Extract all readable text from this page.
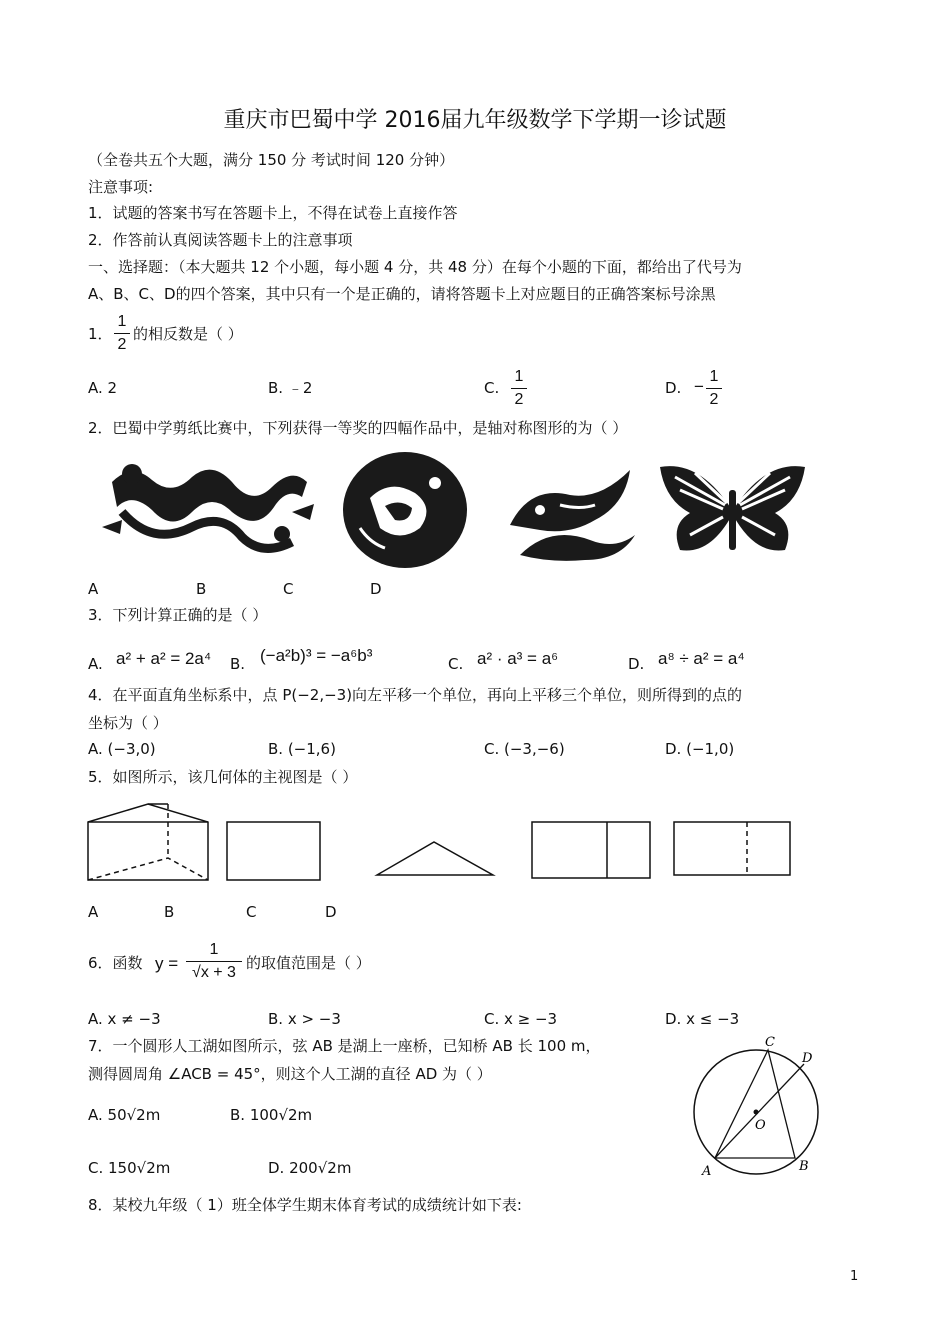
重庆市巴蜀中学 2016届九年级数学下学期一诊试题
（全卷共五个大题，满分 150 分 考试时间 120 分钟）
注意事项:
1．试题的答案书写在答题卡上，不得在试卷上直接作答
2．作答前认真阅读答题卡上的注意事项
一、选择题：（本大题共 12 个小题，每小题 4 分，共 48 分）在每个小题的下面，都给出了代号为
A、B、C、D的四个答案，其中只有一个是正确的，请将答题卡上对应题目的正确答案标号涂黑
1．
1
2
的相反数是（ ）
A. 2	B. ﹣2	C.
1
2
D. −
1
2
2．巴蜀中学剪纸比赛中，下列获得一等奖的四幅作品中，是轴对称图形的为（ ）
A	B	C	D
3．下列计算正确的是（ ）
A. a² + a² = 2a⁴ B. (−a²b)³ = −a⁶b³	C. a² · a³ = a⁶	D. a⁸ ÷ a² = a⁴
4．在平面直角坐标系中，点 P(−2,−3)向左平移一个单位，再向上平移三个单位，则所得到的点的
坐标为（ ）
A. (−3,0)	B. (−1,6)	C. (−3,−6)	D. (−1,0)
5．如图所示，该几何体的主视图是（ ）
A	B	C	D
6．函数 y =
1
√x + 3
的取值范围是（ ）
A. x ≠ −3	B. x > −3	C. x ≥ −3	D. x ≤ −3
7．一个圆形人工湖如图所示，弦 AB 是湖上一座桥，已知桥 AB 长 100 m，
测得圆周角 ∠ACB = 45°，则这个人工湖的直径 AD 为（ ）
A. 50√2m	B. 100√2m
C. 150√2m	D. 200√2m	A	B
C
D
O
8．某校九年级（ 1）班全体学生期末体育考试的成绩统计如下表:
1
